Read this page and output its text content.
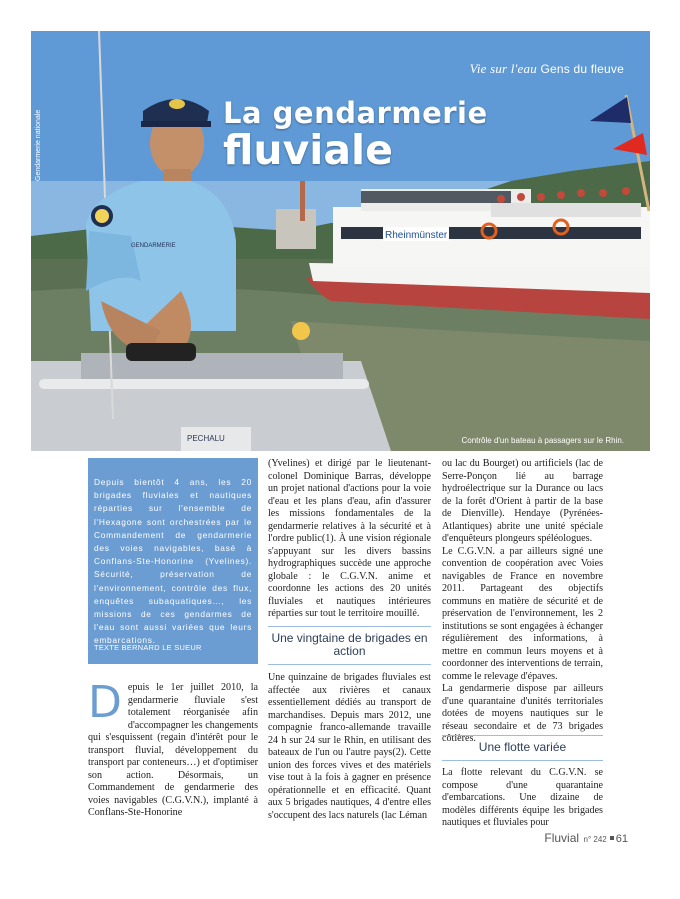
Rheinmünster
PECHALU
GENDARMERIE
Vie sur l'eau Gens du fleuve
La gendarmerie
fluviale
Gendarmerie nationale
Contrôle d'un bateau à passagers sur le Rhin.

Depuis bientôt 4 ans, les 20 brigades fluviales et nautiques réparties sur l'ensemble de l'Hexagone sont orchestrées par le Commandement de gendarmerie des voies navigables, basé à Conflans-Ste-Honorine (Yvelines). Sécurité, préservation de l'environnement, contrôle des flux, enquêtes subaquatiques…, les missions de ces gendarmes de l'eau sont aussi variées que leurs embarcations.

TEXTE BERNARD LE SUEUR
D epuis le 1er juillet 2010, la gendarmerie fluviale s'est totalement réorganisée afin d'accompagner les changements qui s'esquissent (regain d'intérêt pour le transport fluvial, développement du transport par conteneurs…) et d'optimiser son action. Désormais, un Commandement de gendarmerie des voies navigables (C.G.V.N.), implanté à Conflans-Ste-Honorine

(Yvelines) et dirigé par le lieutenant-colonel Dominique Barras, développe un projet national d'actions pour la voie d'eau et les plans d'eau, afin d'assurer les missions fondamentales de la gendarmerie relatives à la sécurité et à l'ordre public(1). À une vision régionale s'appuyant sur les divers bassins hydrographiques succède une approche globale : le C.G.V.N. anime et coordonne les actions des 20 unités fluviales et nautiques intérieures réparties sur tout le territoire mouillé.

Une vingtaine de brigades en action

Une quinzaine de brigades fluviales est affectée aux rivières et canaux essentiellement dédiés au transport de marchandises. Depuis mars 2012, une compagnie franco-allemande travaille 24 h sur 24 sur le Rhin, en utilisant des bateaux de l'un ou l'autre pays(2). Cette union des forces vives et des matériels vise tout à la fois à gagner en présence opérationnelle et en efficacité. Quant aux 5 brigades nautiques, 4 d'entre elles s'occupent des lacs naturels (lac Léman

ou lac du Bourget) ou artificiels (lac de Serre-Ponçon lié au barrage hydroélectrique sur la Durance ou lacs de la forêt d'Orient à partir de la base de Dienville). Hendaye (Pyrénées-Atlantiques) abrite une unité spéciale d'enquêteurs plongeurs spéléologues.

Le C.G.V.N. a par ailleurs signé une convention de coopération avec Voies navigables de France en novembre 2011. Partageant des objectifs communs en matière de sécurité et de préservation de l'environnement, les 2 institutions se sont engagées à échanger régulièrement des informations, à mettre en commun leurs moyens et à coordonner des interventions de terrain, comme le relevage d'épaves.

La gendarmerie dispose par ailleurs d'une quarantaine d'unités territoriales dotées de moyens nautiques sur le réseau secondaire et de 73 brigades côtières.

Une flotte variée

La flotte relevant du C.G.V.N. se compose d'une quarantaine d'embarcations. Une dizaine de modèles différents équipe les brigades nautiques et fluviales pour

Fluvial n° 242 61
